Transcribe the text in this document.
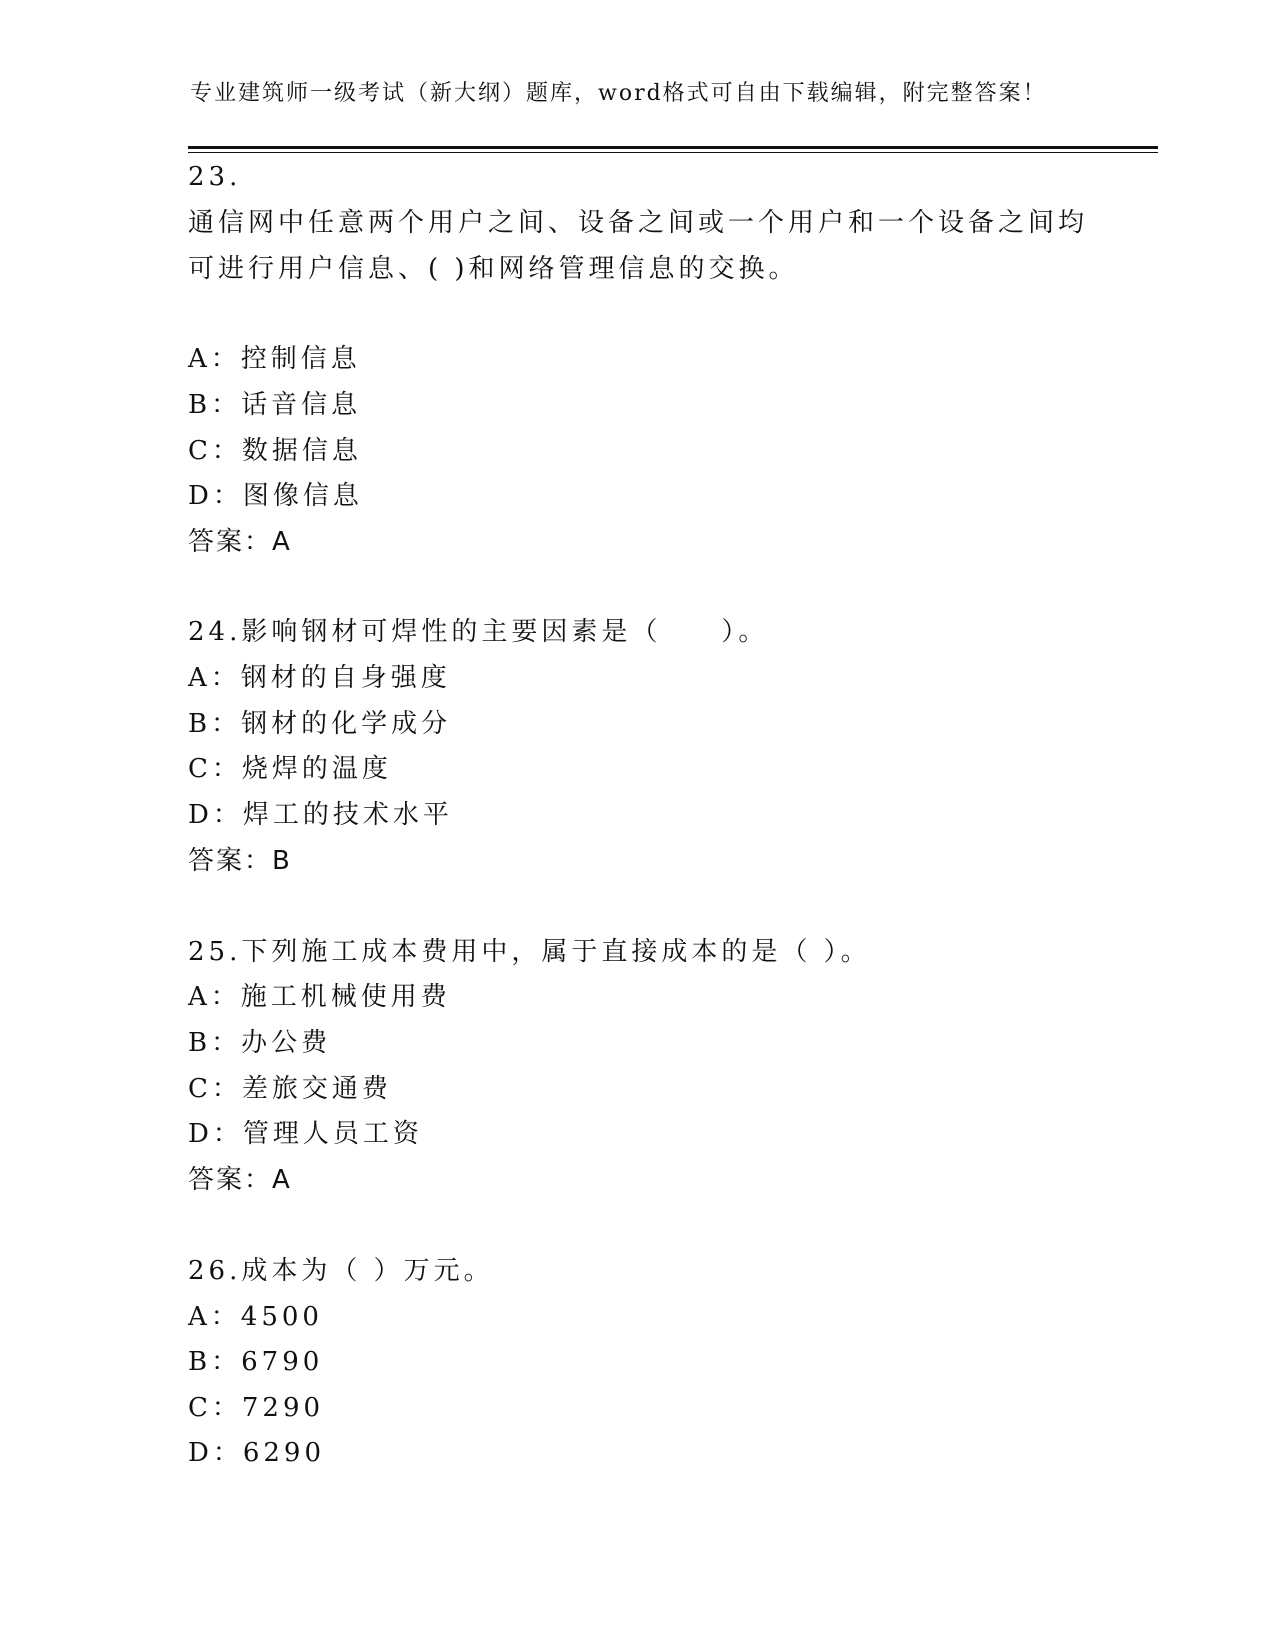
专业建筑师一级考试（新大纲）题库，word格式可自由下载编辑，附完整答案！
23.
通信网中任意两个用户之间、设备之间或一个用户和一个设备之间均
可进行用户信息、( )和网络管理信息的交换。
A：控制信息
B：话音信息
C：数据信息
D：图像信息
答案：A
24.影响钢材可焊性的主要因素是（　　）。
A：钢材的自身强度
B：钢材的化学成分
C：烧焊的温度
D：焊工的技术水平
答案：B
25.下列施工成本费用中，属于直接成本的是（ ）。
A：施工机械使用费
B：办公费
C：差旅交通费
D：管理人员工资
答案：A
26.成本为（ ）万元。
A：4500
B：6790
C：7290
D：6290
